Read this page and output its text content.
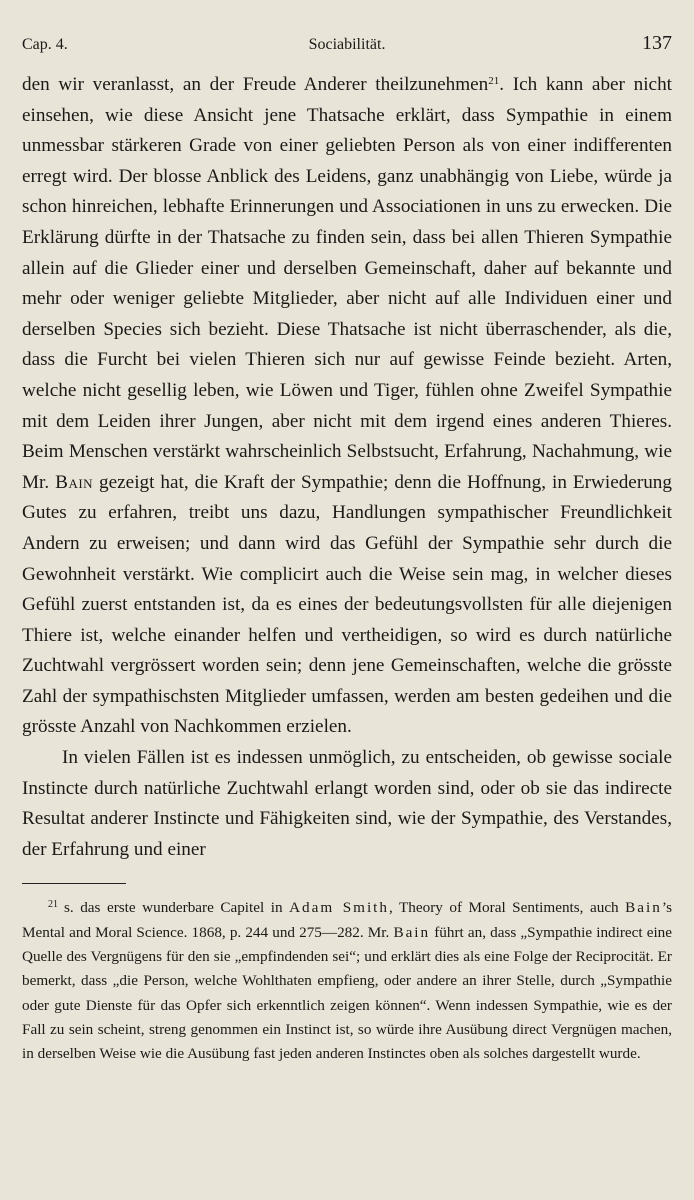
Cap. 4.	Sociabilität.	137

den wir veranlasst, an der Freude Anderer theilzunehmen$^{21}$. Ich kann aber nicht einsehen, wie diese Ansicht jene Thatsache erklärt, dass Sympathie in einem unmessbar stärkeren Grade von einer geliebten Person als von einer indifferenten erregt wird. Der blosse Anblick des Leidens, ganz unabhängig von Liebe, würde ja schon hinreichen, lebhafte Erinnerungen und Associationen in uns zu erwecken. Die Erklärung dürfte in der Thatsache zu finden sein, dass bei allen Thieren Sympathie allein auf die Glieder einer und derselben Gemeinschaft, daher auf bekannte und mehr oder weniger geliebte Mitglieder, aber nicht auf alle Individuen einer und derselben Species sich bezieht. Diese Thatsache ist nicht überraschender, als die, dass die Furcht bei vielen Thieren sich nur auf gewisse Feinde bezieht. Arten, welche nicht gesellig leben, wie Löwen und Tiger, fühlen ohne Zweifel Sympathie mit dem Leiden ihrer Jungen, aber nicht mit dem irgend eines anderen Thieres. Beim Menschen verstärkt wahrscheinlich Selbstsucht, Erfahrung, Nachahmung, wie Mr. Bain gezeigt hat, die Kraft der Sympathie; denn die Hoffnung, in Erwiederung Gutes zu erfahren, treibt uns dazu, Handlungen sympathischer Freundlichkeit Andern zu erweisen; und dann wird das Gefühl der Sympathie sehr durch die Gewohnheit verstärkt. Wie complicirt auch die Weise sein mag, in welcher dieses Gefühl zuerst entstanden ist, da es eines der bedeutungsvollsten für alle diejenigen Thiere ist, welche einander helfen und vertheidigen, so wird es durch natürliche Zuchtwahl vergrössert worden sein; denn jene Gemeinschaften, welche die grösste Zahl der sympathischsten Mitglieder umfassen, werden am besten gedeihen und die grösste Anzahl von Nachkommen erzielen.

In vielen Fällen ist es indessen unmöglich, zu entscheiden, ob gewisse sociale Instincte durch natürliche Zuchtwahl erlangt worden sind, oder ob sie das indirecte Resultat anderer Instincte und Fähigkeiten sind, wie der Sympathie, des Verstandes, der Erfahrung und einer

$^{21}$ s. das erste wunderbare Capitel in Adam Smith, Theory of Moral Sentiments, auch Bain’s Mental and Moral Science. 1868, p. 244 und 275—282. Mr. Bain führt an, dass „Sympathie indirect eine Quelle des Vergnügens für den sie „empfindenden sei“; und erklärt dies als eine Folge der Reciprocität. Er bemerkt, dass „die Person, welche Wohlthaten empfieng, oder andere an ihrer Stelle, durch „Sympathie oder gute Dienste für das Opfer sich erkenntlich zeigen können“. Wenn indessen Sympathie, wie es der Fall zu sein scheint, streng genommen ein Instinct ist, so würde ihre Ausübung direct Vergnügen machen, in derselben Weise wie die Ausübung fast jeden anderen Instinctes oben als solches dargestellt wurde.
